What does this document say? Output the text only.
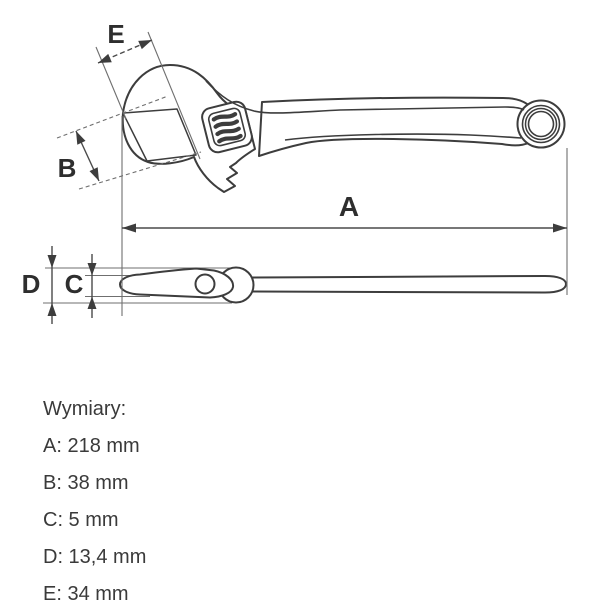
A
E
B
D C
Wymiary:
A: 218 mm
B: 38 mm
C: 5 mm
D: 13,4 mm
E: 34 mm
